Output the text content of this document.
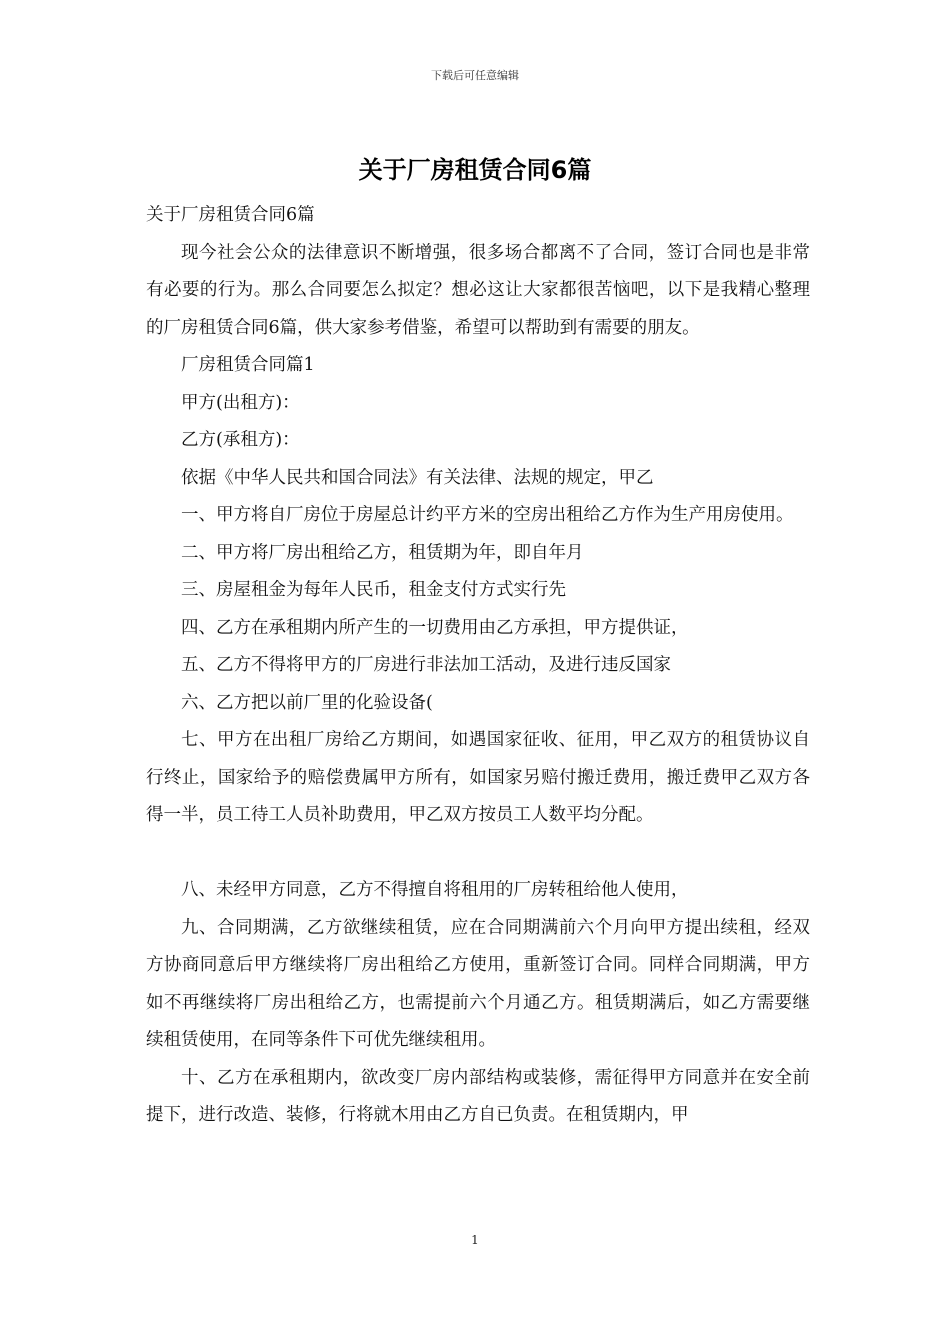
下载后可任意编辑
关于厂房租赁合同6篇

关于厂房租赁合同6篇

现今社会公众的法律意识不断增强，很多场合都离不了合同，签订合同也是非常有必要的行为。那么合同要怎么拟定？想必这让大家都很苦恼吧，以下是我精心整理的厂房租赁合同6篇，供大家参考借鉴，希望可以帮助到有需要的朋友。

厂房租赁合同篇1

甲方(出租方)：

乙方(承租方)：

依据《中华人民共和国合同法》有关法律、法规的规定，甲乙

一、甲方将自厂房位于房屋总计约平方米的空房出租给乙方作为生产用房使用。

二、甲方将厂房出租给乙方，租赁期为年，即自年月

三、房屋租金为每年人民币，租金支付方式实行先

四、乙方在承租期内所产生的一切费用由乙方承担，甲方提供证，

五、乙方不得将甲方的厂房进行非法加工活动，及进行违反国家

六、乙方把以前厂里的化验设备(

七、甲方在出租厂房给乙方期间，如遇国家征收、征用，甲乙双方的租赁协议自行终止，国家给予的赔偿费属甲方所有，如国家另赔付搬迁费用，搬迁费甲乙双方各得一半，员工待工人员补助费用，甲乙双方按员工人数平均分配。

八、未经甲方同意，乙方不得擅自将租用的厂房转租给他人使用，

九、合同期满，乙方欲继续租赁，应在合同期满前六个月向甲方提出续租，经双方协商同意后甲方继续将厂房出租给乙方使用，重新签订合同。同样合同期满，甲方如不再继续将厂房出租给乙方，也需提前六个月通乙方。租赁期满后，如乙方需要继续租赁使用，在同等条件下可优先继续租用。

十、乙方在承租期内，欲改变厂房内部结构或装修，需征得甲方同意并在安全前提下，进行改造、装修，行将就木用由乙方自已负责。在租赁期内，甲

1
